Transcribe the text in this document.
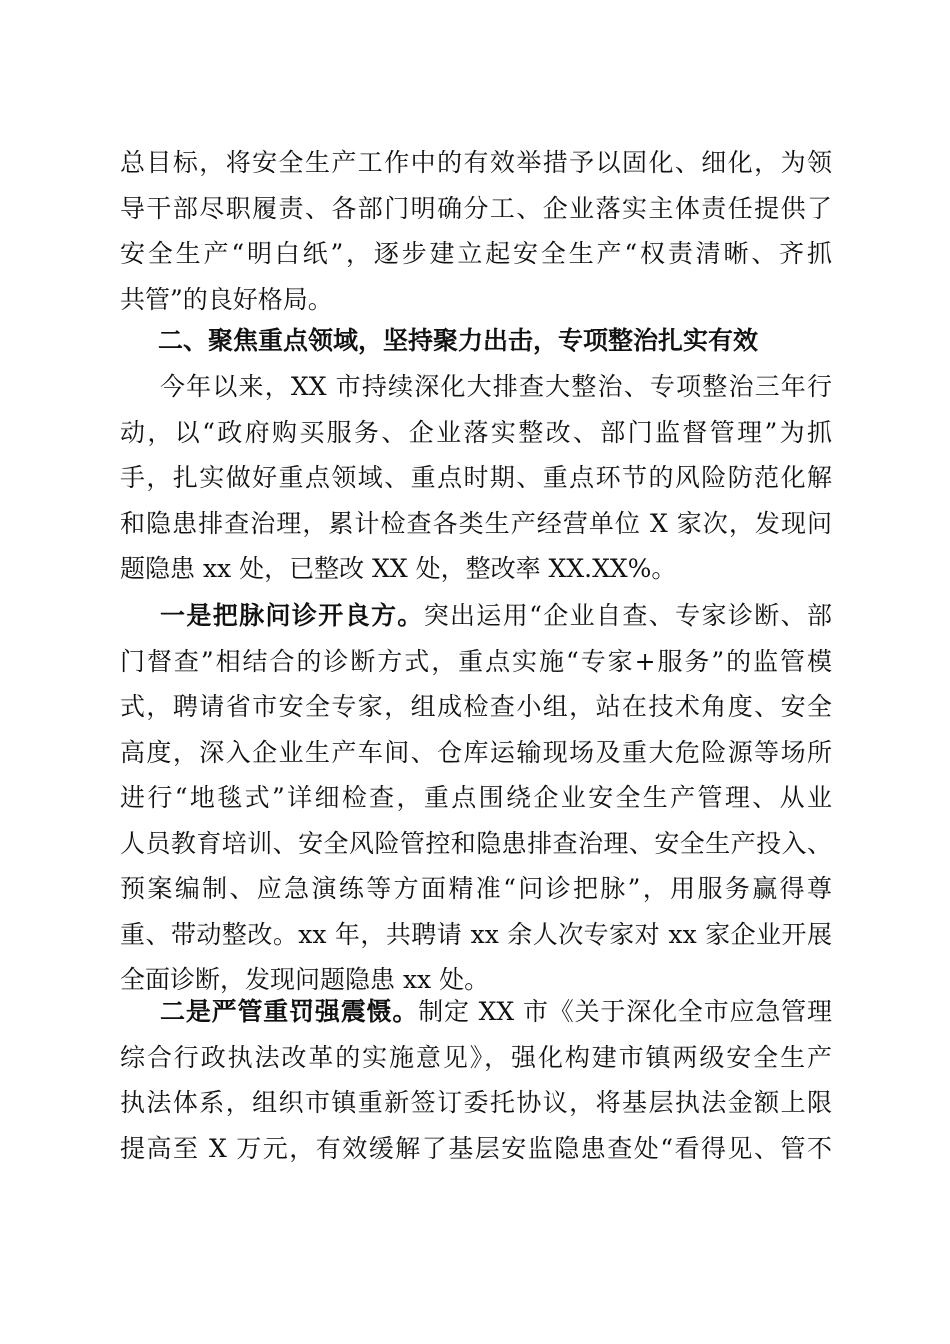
总目标，将安全生产工作中的有效举措予以固化、细化，为领
导干部尽职履责、各部门明确分工、企业落实主体责任提供了
安全生产“明白纸”，逐步建立起安全生产“权责清晰、齐抓
共管”的良好格局。
二、聚焦重点领域，坚持聚力出击，专项整治扎实有效
今年以来，XX 市持续深化大排查大整治、专项整治三年行
动，以“政府购买服务、企业落实整改、部门监督管理”为抓
手，扎实做好重点领域、重点时期、重点环节的风险防范化解
和隐患排查治理，累计检查各类生产经营单位 X 家次，发现问
题隐患 xx 处，已整改 XX 处，整改率 XX.XX%。
一是把脉问诊开良方。突出运用“企业自查、专家诊断、部
门督查”相结合的诊断方式，重点实施“专家+服务”的监管模
式，聘请省市安全专家，组成检查小组，站在技术角度、安全
高度，深入企业生产车间、仓库运输现场及重大危险源等场所
进行“地毯式”详细检查，重点围绕企业安全生产管理、从业
人员教育培训、安全风险管控和隐患排查治理、安全生产投入、
预案编制、应急演练等方面精准“问诊把脉”，用服务赢得尊
重、带动整改。xx 年，共聘请 xx 余人次专家对 xx 家企业开展
全面诊断，发现问题隐患 xx 处。
二是严管重罚强震慑。制定 XX 市《关于深化全市应急管理
综合行政执法改革的实施意见》，强化构建市镇两级安全生产
执法体系，组织市镇重新签订委托协议，将基层执法金额上限
提高至 X 万元，有效缓解了基层安监隐患查处“看得见、管不
